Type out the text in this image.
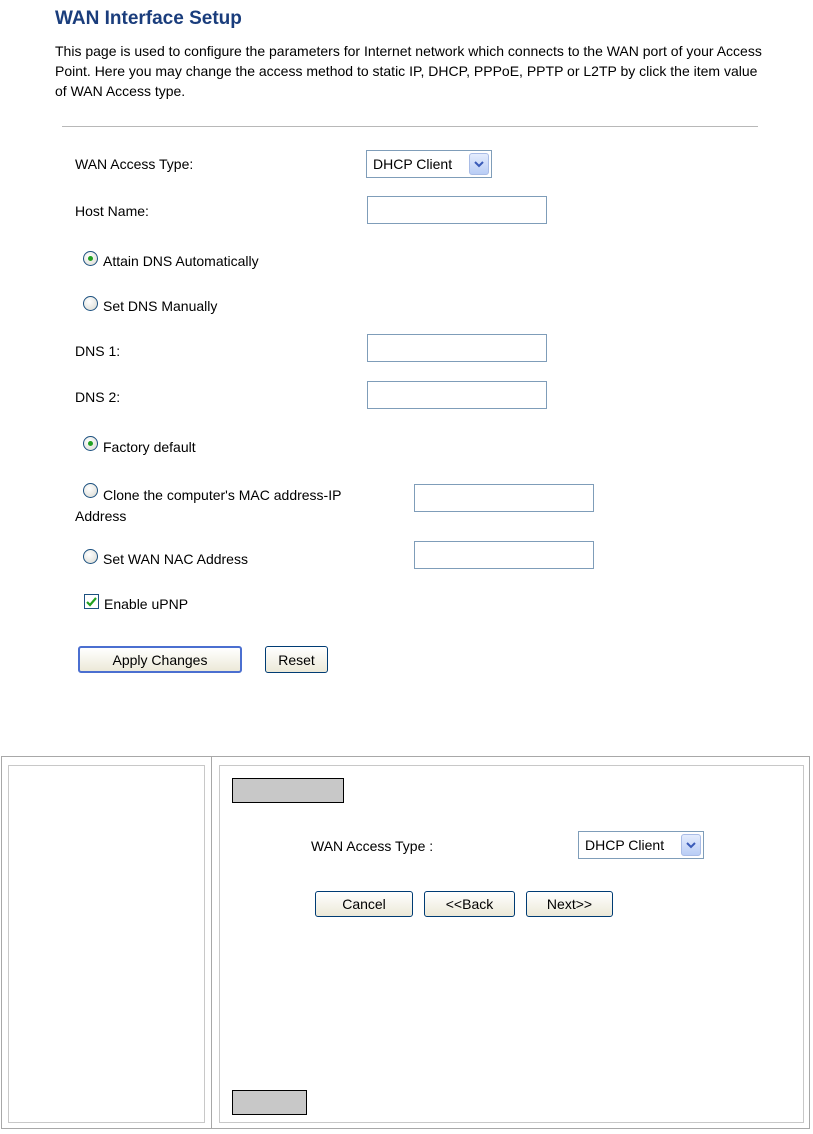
WAN Interface Setup
This page is used to configure the parameters for Internet network which connects to the WAN port of your Access Point. Here you may change the access method to static IP, DHCP, PPPoE, PPTP or L2TP by click the item value of WAN Access type.
WAN Access Type:	DHCP Client
Host Name:
Attain DNS Automatically
Set DNS Manually
DNS 1:
DNS 2:
Factory default
Clone the computer's MAC address-IP Address
Set WAN NAC Address
Enable uPNP
Apply Changes	Reset
WAN Access Type :	DHCP Client
Cancel	<<Back	Next>>
